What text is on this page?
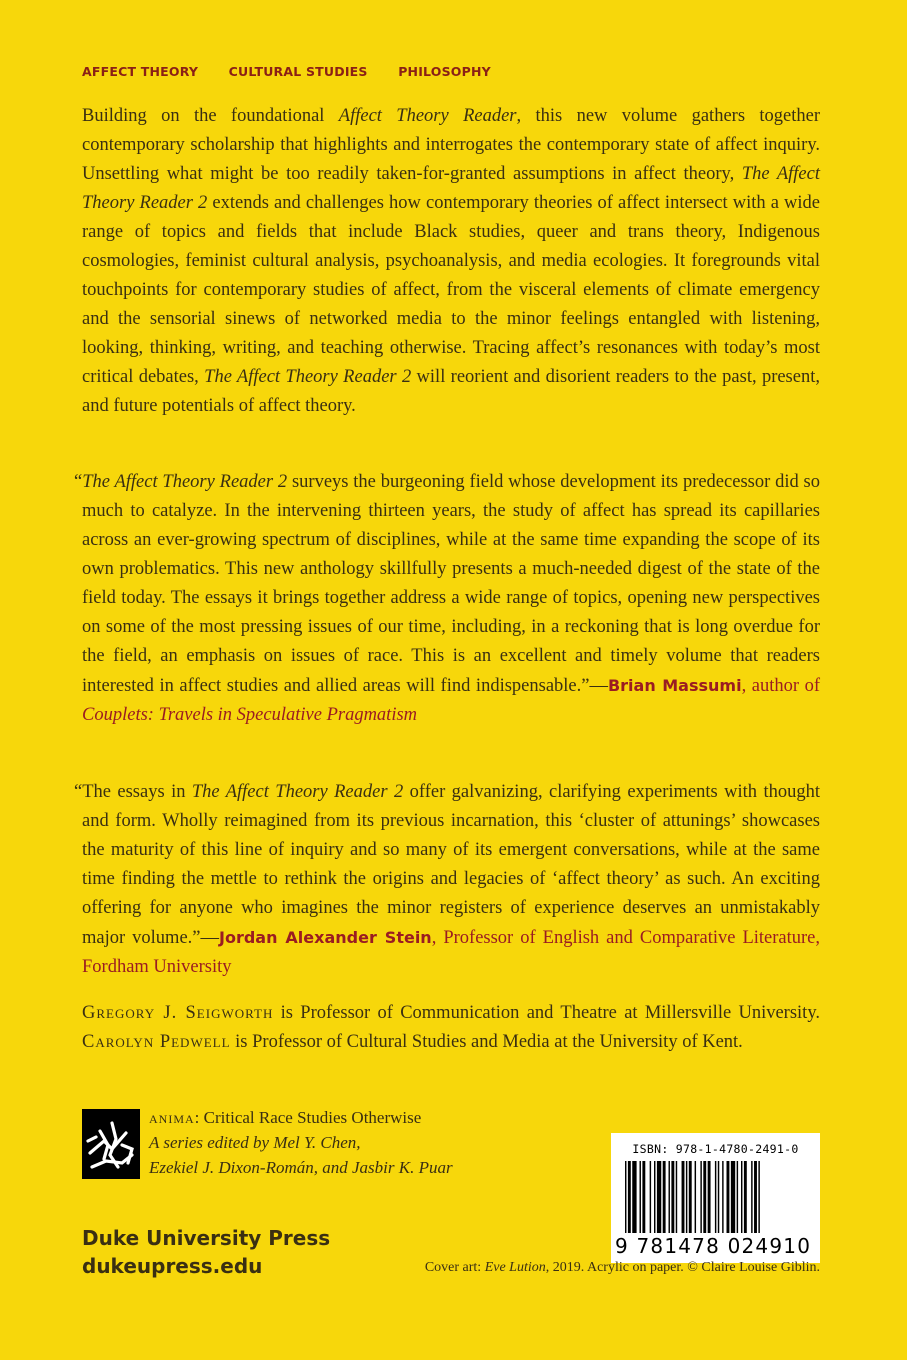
AFFECT THEORY CULTURAL STUDIES PHILOSOPHY

Building on the foundational Affect Theory Reader, this new volume gathers together contemporary scholarship that highlights and interrogates the contemporary state of affect inquiry. Unsettling what might be too readily taken-for-granted assumptions in affect theory, The Affect Theory Reader 2 extends and challenges how contemporary theories of affect intersect with a wide range of topics and fields that include Black studies, queer and trans theory, Indigenous cosmologies, feminist cultural analysis, psychoanalysis, and media ecologies. It foregrounds vital touchpoints for contemporary studies of affect, from the visceral elements of climate emergency and the sensorial sinews of networked media to the minor feelings entangled with listening, looking, thinking, writing, and teaching otherwise. Tracing affect’s resonances with today’s most critical debates, The Affect Theory Reader 2 will reorient and disorient readers to the past, present, and future potentials of affect theory.

“The Affect Theory Reader 2 surveys the burgeoning field whose development its predecessor did so much to catalyze. In the intervening thirteen years, the study of affect has spread its capillaries across an ever-growing spectrum of disciplines, while at the same time expanding the scope of its own problematics. This new anthology skillfully presents a much-needed digest of the state of the field today. The essays it brings together address a wide range of topics, opening new perspectives on some of the most pressing issues of our time, including, in a reckoning that is long overdue for the field, an emphasis on issues of race. This is an excellent and timely volume that readers interested in affect studies and allied areas will find indispensable.”—Brian Massumi, author of Couplets: Travels in Speculative Pragmatism

“The essays in The Affect Theory Reader 2 offer galvanizing, clarifying experiments with thought and form. Wholly reimagined from its previous incarnation, this ‘cluster of attunings’ showcases the maturity of this line of inquiry and so many of its emergent conversations, while at the same time finding the mettle to rethink the origins and legacies of ‘affect theory’ as such. An exciting offering for anyone who imagines the minor registers of experience deserves an unmistakably major volume.”—Jordan Alexander Stein, Professor of English and Comparative Literature, Fordham University

Gregory J. Seigworth is Professor of Communication and Theatre at Millersville University. Carolyn Pedwell is Professor of Cultural Studies and Media at the University of Kent.

anima: Critical Race Studies Otherwise
A series edited by Mel Y. Chen,
Ezekiel J. Dixon-Román, and Jasbir K. Puar
ISBN: 978-1-4780-2491-0
9 781478 024910
Duke University Press
dukeupress.edu	Cover art: Eve Lution, 2019. Acrylic on paper. © Claire Louise Giblin.
